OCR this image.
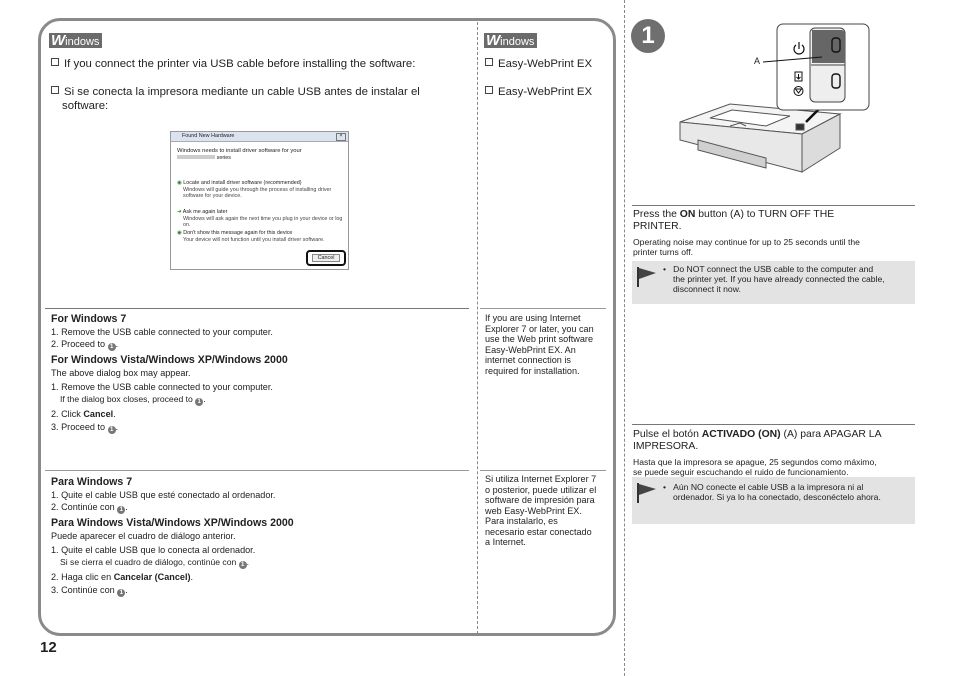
Windows	Windows
If you connect the printer via USB cable before installing the software:
Si se conecta la impresora mediante un cable USB antes de instalar el software:
Found New Hardware	×
Windows needs to install driver software for your
series
◉ Locate and install driver software (recommended)
Windows will guide you through the process of installing driver software for your device.
➜ Ask me again later
Windows will ask again the next time you plug in your device or log on.
◉ Don't show this message again for this device
Your device will not function until you install driver software.
Cancel
For Windows 7
1. Remove the USB cable connected to your computer.
2. Proceed to 1 .
For Windows Vista/Windows XP/Windows 2000
The above dialog box may appear.
1. Remove the USB cable connected to your computer.
If the dialog box closes, proceed to 1 .
2. Click Cancel.
3. Proceed to 1 .
Para Windows 7
1. Quite el cable USB que esté conectado al ordenador.
2. Continúe con 1 .
Para Windows Vista/Windows XP/Windows 2000
Puede aparecer el cuadro de diálogo anterior.
1. Quite el cable USB que lo conecta al ordenador.
Si se cierra el cuadro de diálogo, continúe con 1 .
2. Haga clic en Cancelar (Cancel).
3. Continúe con 1 .
Easy-WebPrint EX
Easy-WebPrint EX
If you are using Internet
Explorer 7 or later, you can
use the Web print software
Easy-WebPrint EX. An
internet connection is
required for installation.
Si utiliza Internet Explorer 7
o posterior, puede utilizar el
software de impresión para
web Easy-WebPrint EX.
Para instalarlo, es
necesario estar conectado
a Internet.
1
A
Press the ON button (A) to TURN OFF THE
PRINTER.
Operating noise may continue for up to 25 seconds until the
printer turns off.
•   Do NOT connect the USB cable to the computer and
the printer yet. If you have already connected the cable,
disconnect it now.
Pulse el botón ACTIVADO (ON) (A) para APAGAR LA
IMPRESORA.
Hasta que la impresora se apague, 25 segundos como máximo,
se puede seguir escuchando el ruido de funcionamiento.
•   Aún NO conecte el cable USB a la impresora ni al
ordenador. Si ya lo ha conectado, desconéctelo ahora.
12
